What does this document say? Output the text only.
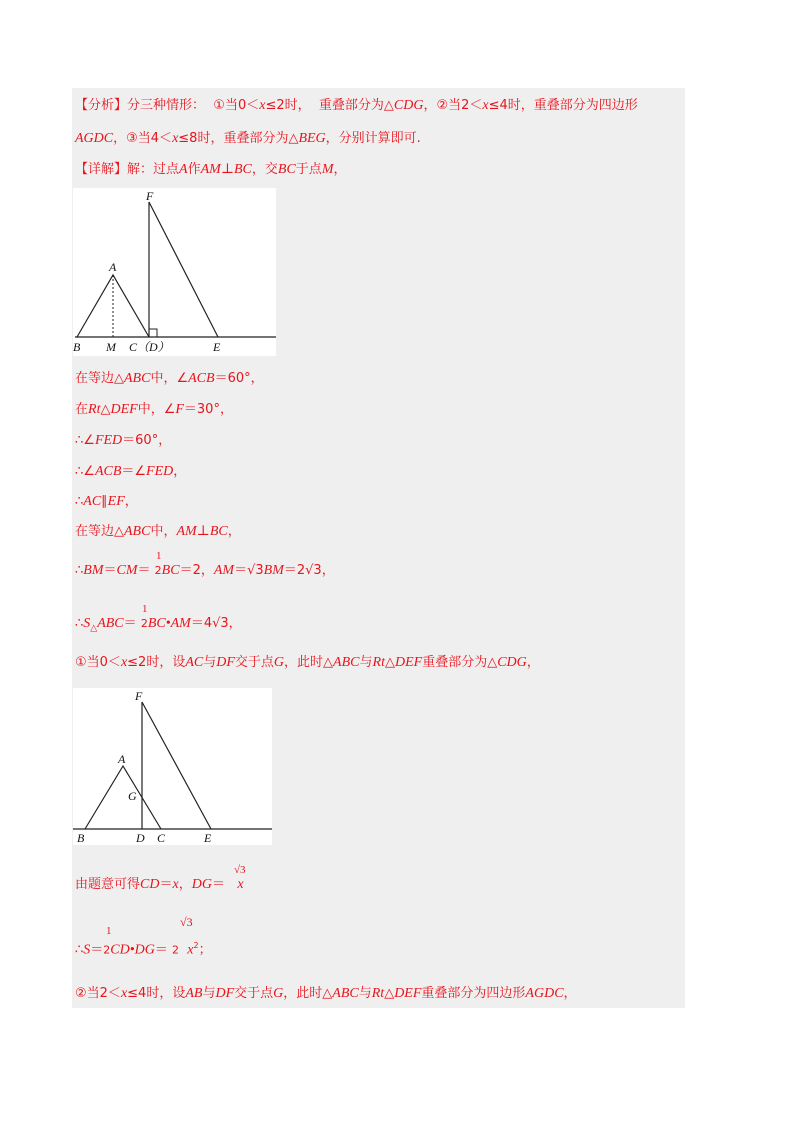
【分析】分三种情形： ①当0＜x≤2时， 重叠部分为△CDG，②当2＜x≤4时，重叠部分为四边形
AGDC，③当4＜x≤8时，重叠部分为△BEG，分别计算即可.
【详解】解：过点A作AM⊥BC，交BC于点M，
F
A
B M C（D）	E
在等边△ABC中，∠ACB＝60°，
在Rt△DEF中，∠F＝30°，
∴∠FED＝60°，
∴∠ACB＝∠FED，
∴AC∥EF，
在等边△ABC中，AM⊥BC，
1
∴BM＝CM＝ 2BC＝2，AM＝√3BM＝2√3，
1
$\therefore S_\triangle ABC=$ 2BC•AM＝4√3，
①当0＜x≤2时，设AC与DF交于点G，此时△ABC与Rt△DEF重叠部分为△CDG，
F
A
G
B	D C	E
√3
由题意可得CD＝x，DG＝ x
1
√3
∴S＝2CD•DG＝ 2 $x^2$；
②当2＜x≤4时，设AB与DF交于点G，此时△ABC与Rt△DEF重叠部分为四边形AGDC，
